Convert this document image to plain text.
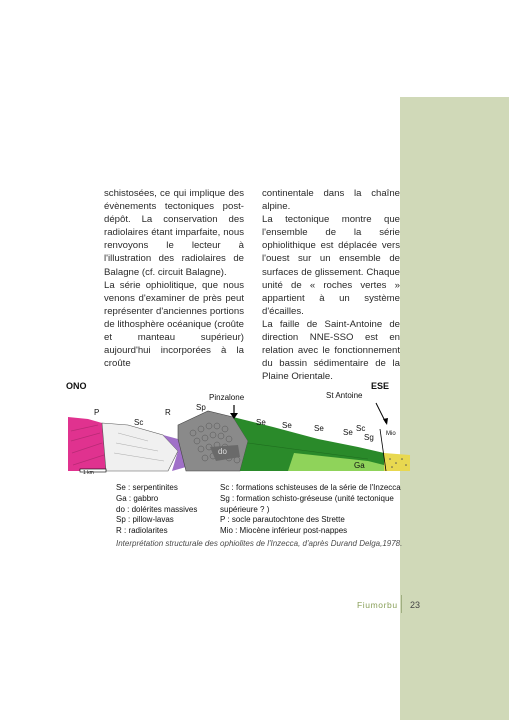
schistosées, ce qui implique des évènements tectoniques post-dépôt. La conservation des radiolaires étant imparfaite, nous renvoyons le lecteur à l'illustration des radiolaires de Balagne (cf. circuit Balagne).

La série ophiolitique, que nous venons d'examiner de près peut représenter d'anciennes portions de lithosphère océanique (croûte et manteau supérieur) aujourd'hui incorporées à la croûte

continentale dans la chaîne alpine.

La tectonique montre que l'ensemble de la série ophiolithique est déplacée vers l'ouest sur un ensemble de surfaces de glissement. Chaque unité de « roches vertes » appartient à un système d'écailles.

La faille de Saint-Antoine de direction NNE-SSO est en relation avec le fonctionnement du bassin sédimentaire de la Plaine Orientale.

ONO	ESE
Pinzalone	St Antoine
P
Sc
R
Sp
Se Se	Se Se Sc
Sg Mio
Ga
do
1 km
Se : serpentinites
Ga : gabbro
do : dolérites massives
Sp : pillow-lavas
R : radiolarites
Sc : formations schisteuses de la série de l'Inzecca
Sg : formation schisto-gréseuse (unité tectonique supérieure ? )
P : socle parautochtone des Strette
Mio : Miocène inférieur post-nappes
Interprétation structurale des ophiolites de l'Inzecca, d'après Durand Delga,1978.
Fiumorbu 23
